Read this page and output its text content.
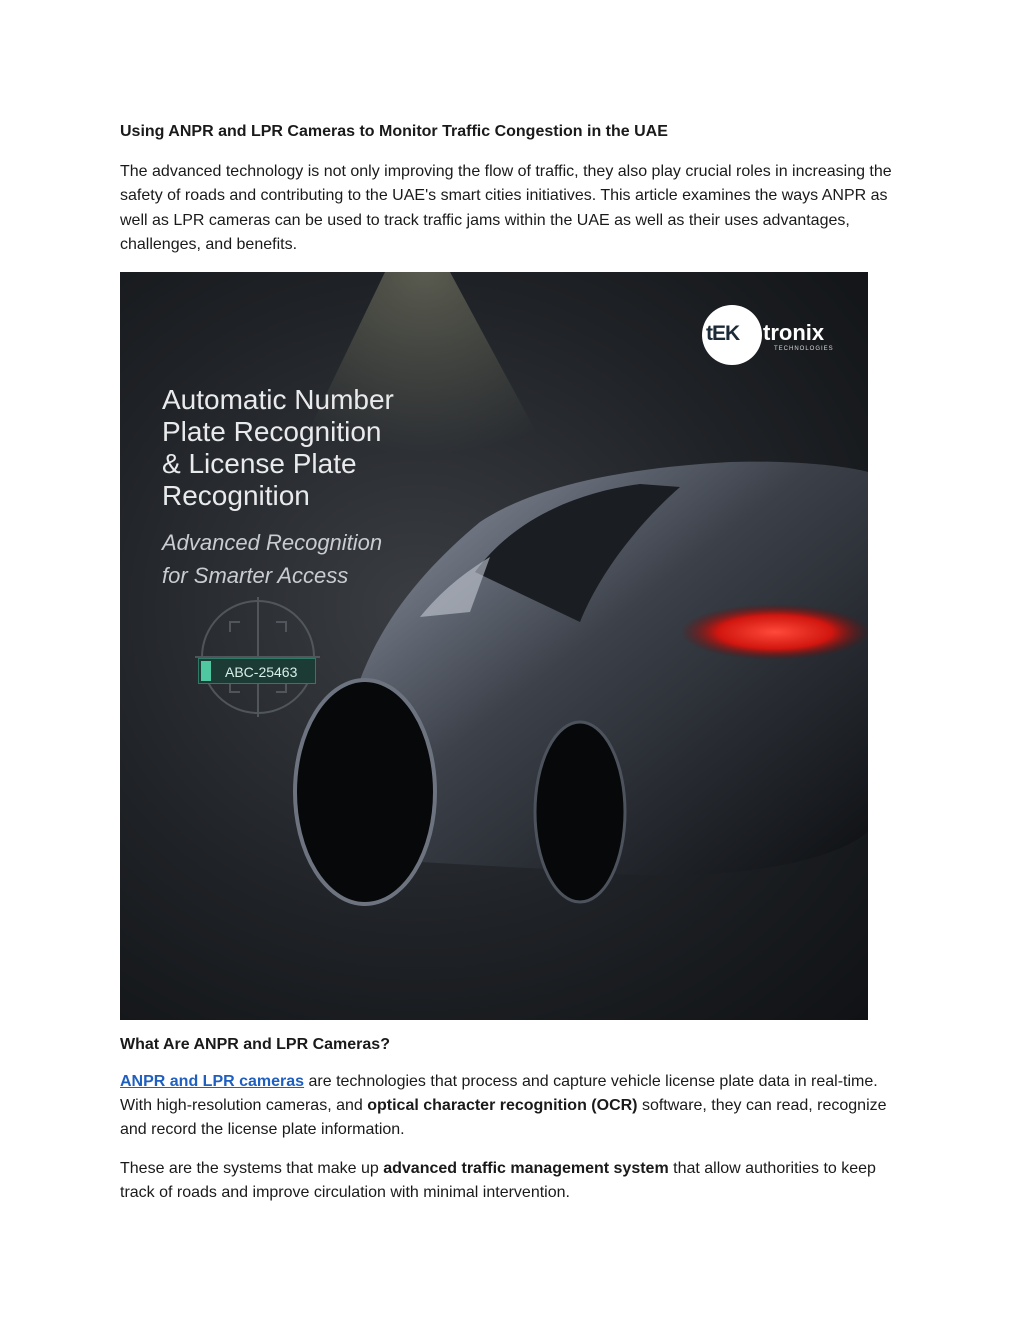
Using ANPR and LPR Cameras to Monitor Traffic Congestion in the UAE

The advanced technology is not only improving the flow of traffic, they also play crucial roles in increasing the safety of roads and contributing to the UAE's smart cities initiatives. This article examines the ways ANPR as well as LPR cameras can be used to track traffic jams within the UAE as well as their uses advantages, challenges, and benefits.

tEK tronix
TECHNOLOGIES
Automatic Number
Plate Recognition
& License Plate
Recognition
Advanced Recognition
for Smarter Access
ABC-25463

What Are ANPR and LPR Cameras?

ANPR and LPR cameras are technologies that process and capture vehicle license plate data in real-time. With high-resolution cameras, and optical character recognition (OCR) software, they can read, recognize and record the license plate information.

These are the systems that make up advanced traffic management system that allow authorities to keep track of roads and improve circulation with minimal intervention.
